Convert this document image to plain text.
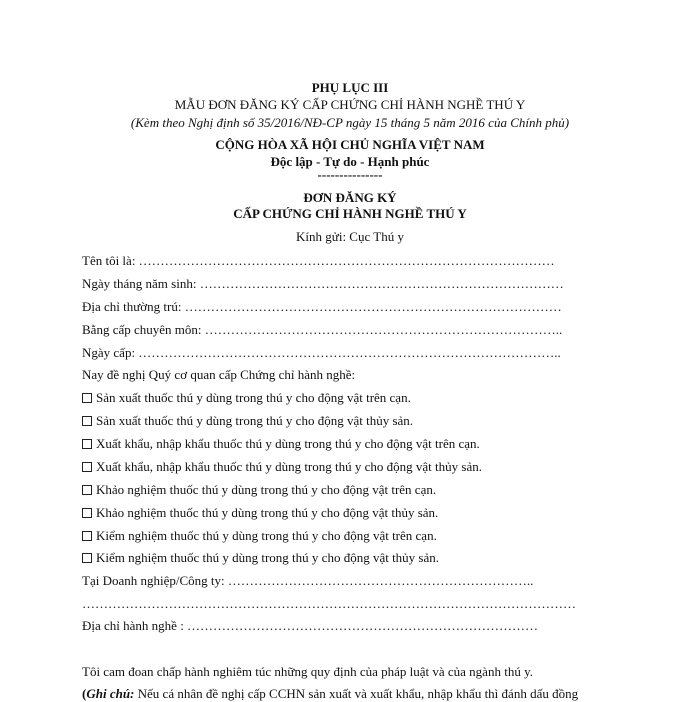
PHỤ LỤC III
MẪU ĐƠN ĐĂNG KÝ CẤP CHỨNG CHỈ HÀNH NGHỀ THÚ Y
(Kèm theo Nghị định số 35/2016/NĐ-CP ngày 15 tháng 5 năm 2016 của Chính phủ)
CỘNG HÒA XÃ HỘI CHỦ NGHĨA VIỆT NAM
Độc lập - Tự do - Hạnh phúc
---------------
ĐƠN ĐĂNG KÝ
CẤP CHỨNG CHỈ HÀNH NGHỀ THÚ Y
Kính gửi: Cục Thú y
Tên tôi là: ……………………………………………………………………………………
Ngày tháng năm sinh: …………………………………………………………………………
Địa chỉ thường trú: ……………………………………………………………………………
Bằng cấp chuyên môn: ………………………………………………………………………..
Ngày cấp: ……………………………………………………………………………………..
Nay đề nghị Quý cơ quan cấp Chứng chỉ hành nghề:
Sản xuất thuốc thú y dùng trong thú y cho động vật trên cạn.
Sản xuất thuốc thú y dùng trong thú y cho động vật thủy sản.
Xuất khẩu, nhập khẩu thuốc thú y dùng trong thú y cho động vật trên cạn.
Xuất khẩu, nhập khẩu thuốc thú y dùng trong thú y cho động vật thủy sản.
Khảo nghiệm thuốc thú y dùng trong thú y cho động vật trên cạn.
Khảo nghiệm thuốc thú y dùng trong thú y cho động vật thủy sản.
Kiểm nghiệm thuốc thú y dùng trong thú y cho động vật trên cạn.
Kiểm nghiệm thuốc thú y dùng trong thú y cho động vật thủy sản.
Tại Doanh nghiệp/Công ty: ……………………………………………………………..
……………………………………………………………………………………………………
Địa chỉ hành nghề : ………………………………………………………………………
Tôi cam đoan chấp hành nghiêm túc những quy định của pháp luật và của ngành thú y.
(Ghi chú: Nếu cá nhân đề nghị cấp CCHN sản xuất và xuất khẩu, nhập khẩu thì đánh dấu đồng
